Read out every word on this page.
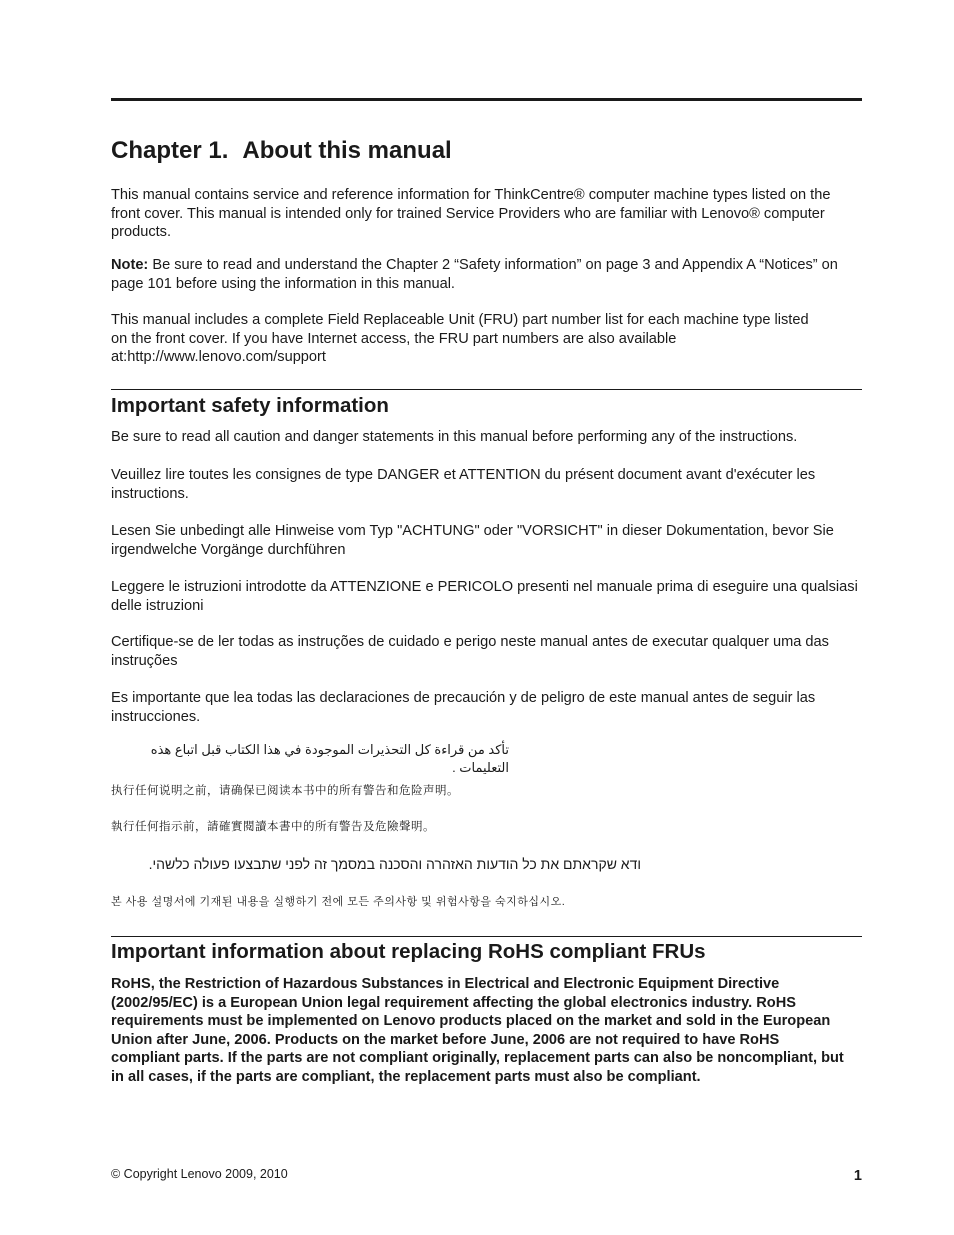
Chapter 1. About this manual

This manual contains service and reference information for ThinkCentre® computer machine types listed on the front cover. This manual is intended only for trained Service Providers who are familiar with Lenovo® computer products.

Note: Be sure to read and understand the Chapter 2 “Safety information” on page 3 and Appendix A “Notices” on page 101 before using the information in this manual.

This manual includes a complete Field Replaceable Unit (FRU) part number list for each machine type listed on the front cover. If you have Internet access, the FRU part numbers are also available at:http://www.lenovo.com/support

Important safety information

Be sure to read all caution and danger statements in this manual before performing any of the instructions.

Veuillez lire toutes les consignes de type DANGER et ATTENTION du présent document avant d'exécuter les instructions.

Lesen Sie unbedingt alle Hinweise vom Typ "ACHTUNG" oder "VORSICHT" in dieser Dokumentation, bevor Sie irgendwelche Vorgänge durchführen

Leggere le istruzioni introdotte da ATTENZIONE e PERICOLO presenti nel manuale prima di eseguire una qualsiasi delle istruzioni

Certifique-se de ler todas as instruções de cuidado e perigo neste manual antes de executar qualquer uma das instruções

Es importante que lea todas las declaraciones de precaución y de peligro de este manual antes de seguir las instrucciones.

تأكد من قراءة كل التحذيرات الموجودة في هذا الكتاب قبل اتباع هذه التعليمات .

执行任何说明之前，请确保已阅读本书中的所有警告和危险声明。

執行任何指示前，請確實閱讀本書中的所有警告及危險聲明。

ודא שקראתם את כל הודעות האזהרה והסכנה במסמך זה לפני שתבצעו פעולה כלשהי.

본 사용 설명서에 기재된 내용을 실행하기 전에 모든 주의사항 및 위험사항을 숙지하십시오.

Important information about replacing RoHS compliant FRUs

RoHS, the Restriction of Hazardous Substances in Electrical and Electronic Equipment Directive (2002/95/EC) is a European Union legal requirement affecting the global electronics industry. RoHS requirements must be implemented on Lenovo products placed on the market and sold in the European Union after June, 2006. Products on the market before June, 2006 are not required to have RoHS compliant parts. If the parts are not compliant originally, replacement parts can also be noncompliant, but in all cases, if the parts are compliant, the replacement parts must also be compliant.

© Copyright Lenovo 2009, 2010	1
